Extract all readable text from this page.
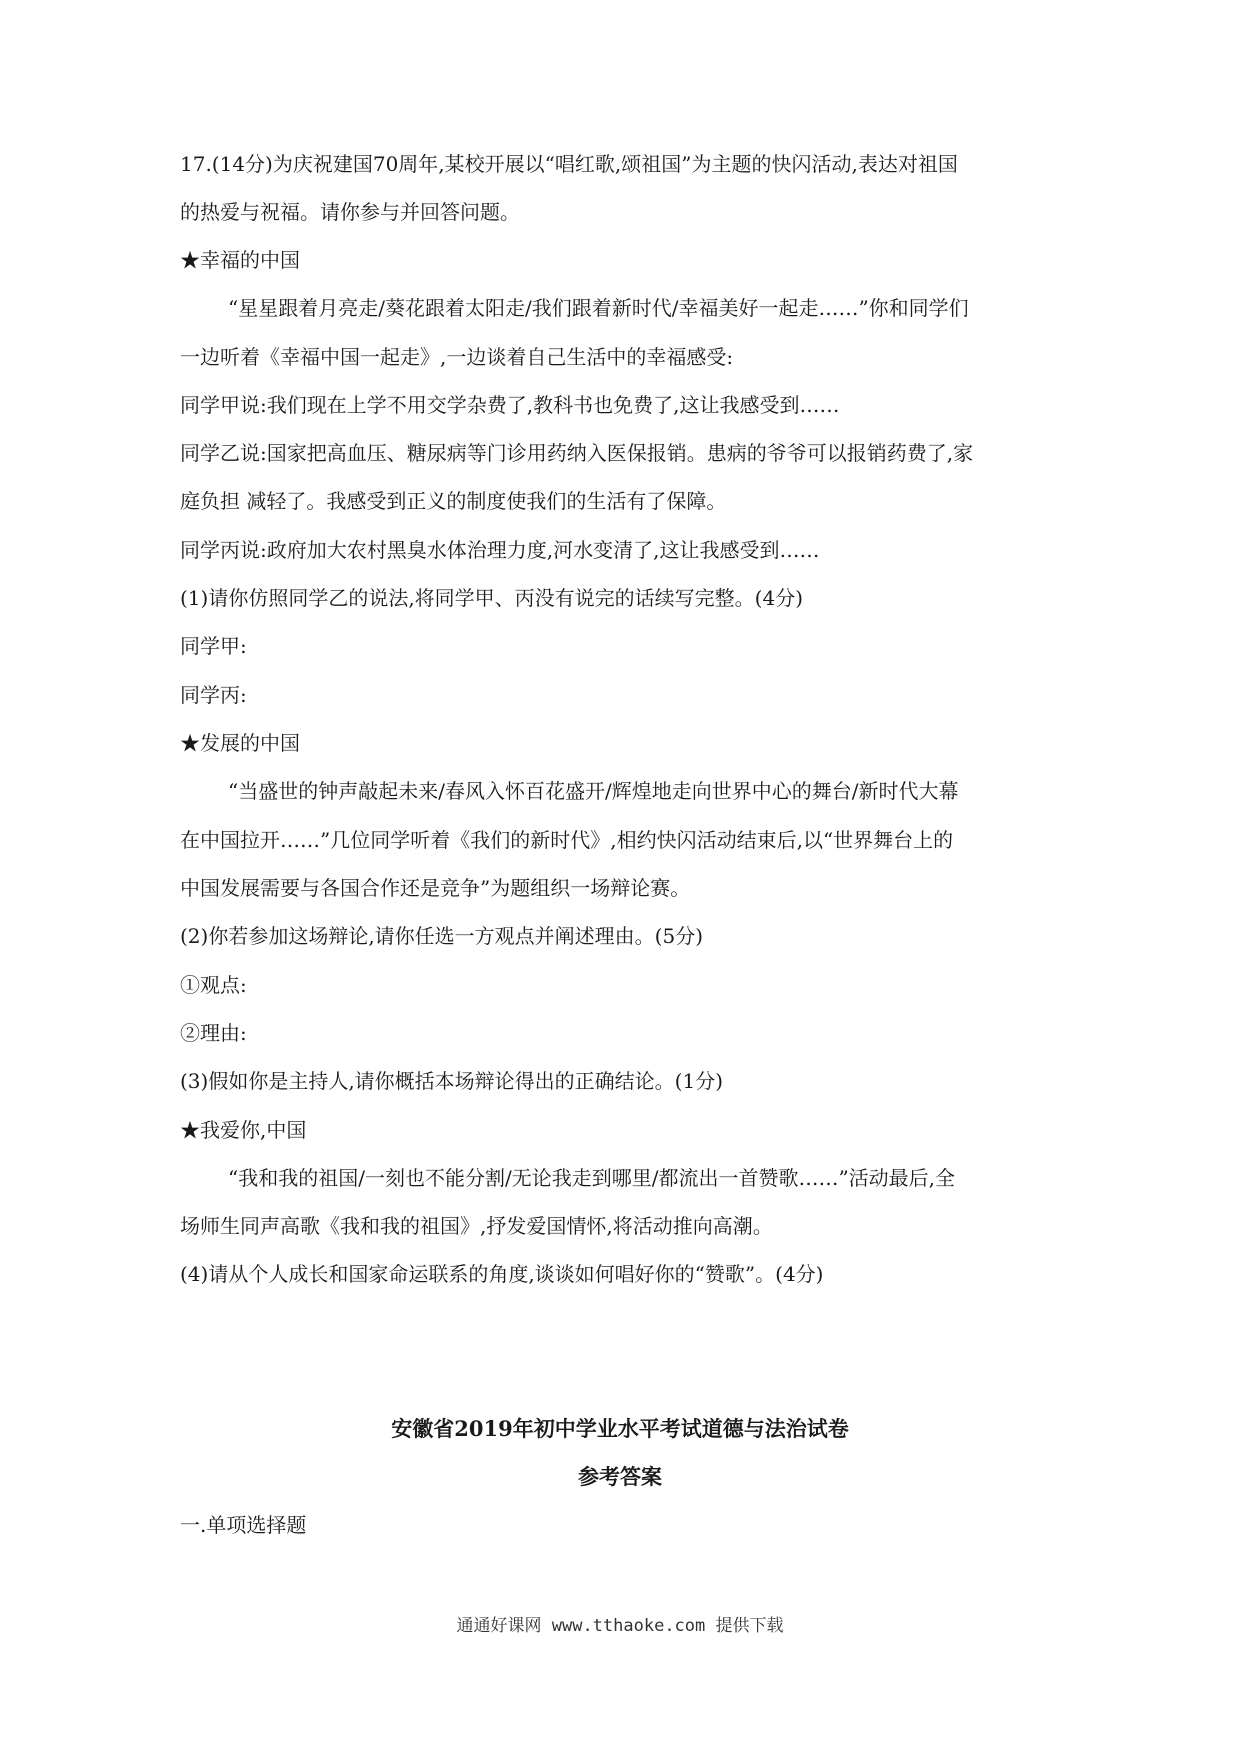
17.(14分)为庆祝建国70周年,某校开展以“唱红歌,颂祖国”为主题的快闪活动,表达对祖国
的热爱与祝福。请你参与并回答问题。
★幸福的中国
“星星跟着月亮走/葵花跟着太阳走/我们跟着新时代/幸福美好一起走……”你和同学们
一边听着《幸福中国一起走》,一边谈着自己生活中的幸福感受:
同学甲说:我们现在上学不用交学杂费了,教科书也免费了,这让我感受到……
同学乙说:国家把高血压、糖尿病等门诊用药纳入医保报销。患病的爷爷可以报销药费了,家
庭负担 减轻了。我感受到正义的制度使我们的生活有了保障。
同学丙说:政府加大农村黑臭水体治理力度,河水变清了,这让我感受到……
(1)请你仿照同学乙的说法,将同学甲、丙没有说完的话续写完整。(4分)
同学甲:
同学丙:
★发展的中国
“当盛世的钟声敲起未来/春风入怀百花盛开/辉煌地走向世界中心的舞台/新时代大幕
在中国拉开……”几位同学听着《我们的新时代》,相约快闪活动结束后,以“世界舞台上的
中国发展需要与各国合作还是竞争”为题组织一场辩论赛。
(2)你若参加这场辩论,请你任选一方观点并阐述理由。(5分)
①观点:
②理由:
(3)假如你是主持人,请你概括本场辩论得出的正确结论。(1分)
★我爱你,中国
“我和我的祖国/一刻也不能分割/无论我走到哪里/都流出一首赞歌……”活动最后,全
场师生同声高歌《我和我的祖国》,抒发爱国情怀,将活动推向高潮。
(4)请从个人成长和国家命运联系的角度,谈谈如何唱好你的“赞歌”。(4分)
安徽省2019年初中学业水平考试道德与法治试卷
参考答案
一.单项选择题
通通好课网 www.tthaoke.com 提供下载
